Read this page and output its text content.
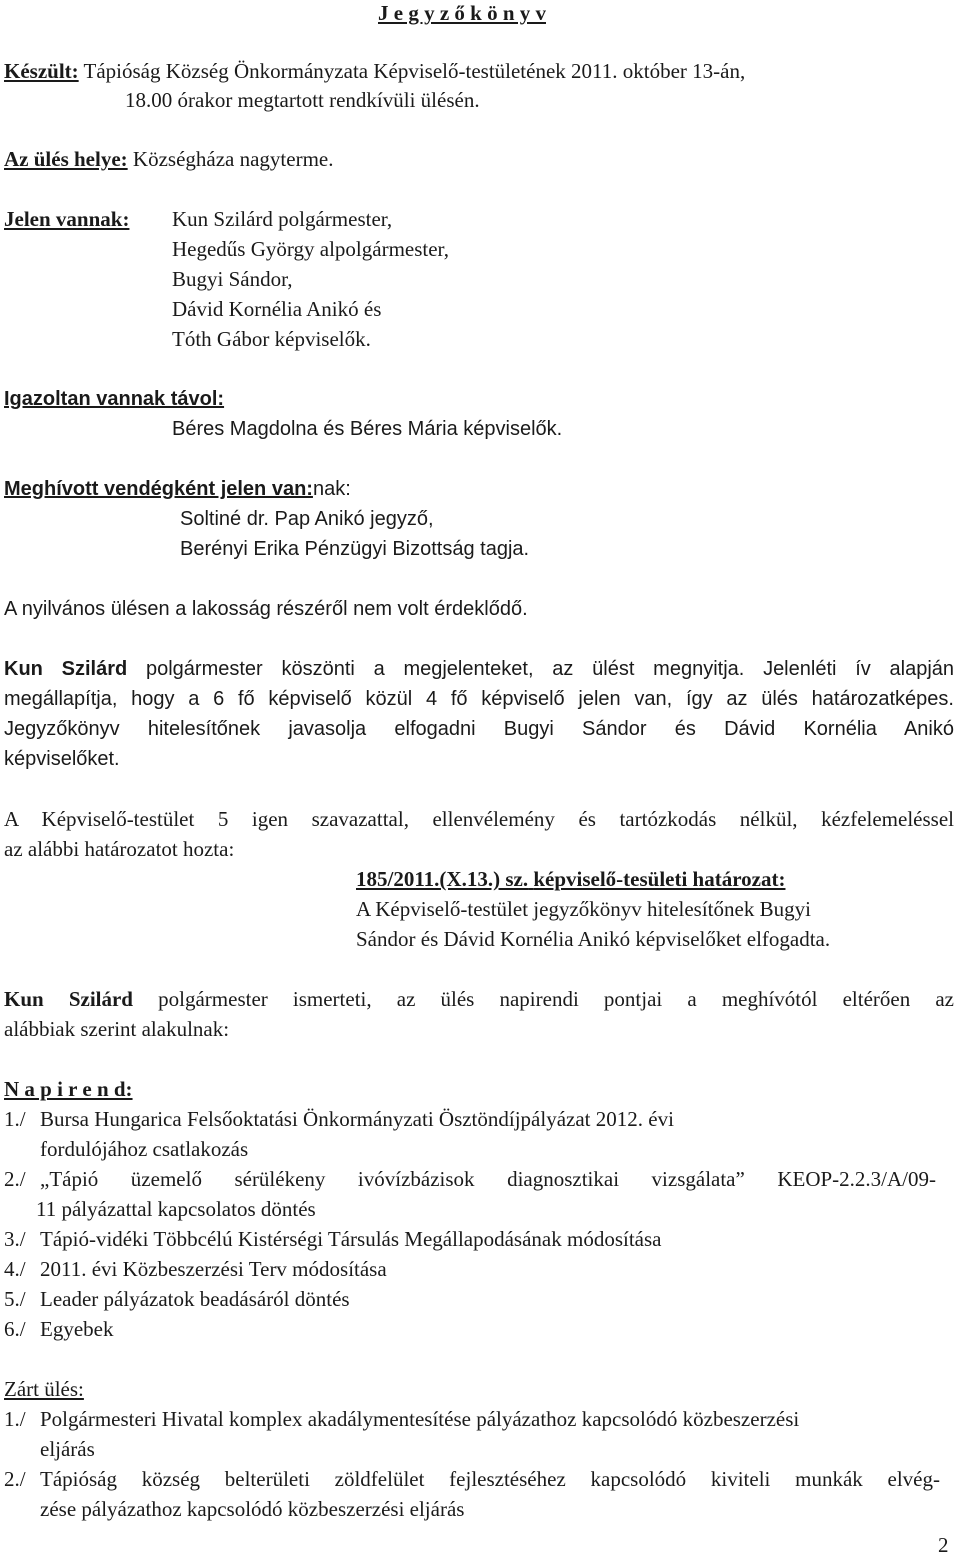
J e g y z ő k ö n y v
Készült: Tápióság Község Önkormányzata Képviselő-testületének 2011. október 13-án,
18.00 órakor megtartott rendkívüli ülésén.
Az ülés helye: Községháza nagyterme.
Jelen vannak: Kun Szilárd polgármester,
Hegedűs György alpolgármester,
Bugyi Sándor,
Dávid Kornélia Anikó és
Tóth Gábor képviselők.
Igazoltan vannak távol:
Béres Magdolna és Béres Mária képviselők.
Meghívott vendégként jelen van:nak:
Soltiné dr. Pap Anikó jegyző,
Berényi Erika Pénzügyi Bizottság tagja.
A nyilvános ülésen a lakosság részéről nem volt érdeklődő.
Kun Szilárd polgármester köszönti a megjelenteket, az ülést megnyitja. Jelenléti ív alapján
megállapítja, hogy a 6 fő képviselő közül 4 fő képviselő jelen van, így az ülés határozatképes.
Jegyzőkönyv hitelesítőnek javasolja elfogadni Bugyi Sándor és Dávid Kornélia Anikó
képviselőket.
A Képviselő-testület 5 igen szavazattal, ellenvélemény és tartózkodás nélkül, kézfelemeléssel
az alábbi határozatot hozta:
185/2011.(X.13.) sz. képviselő-tesületi határozat:
A Képviselő-testület jegyzőkönyv hitelesítőnek Bugyi
Sándor és Dávid Kornélia Anikó képviselőket elfogadta.
Kun Szilárd polgármester ismerteti, az ülés napirendi pontjai a meghívótól eltérően az
alábbiak szerint alakulnak:
N a p i r e n d:
1./ Bursa Hungarica Felsőoktatási Önkormányzati Ösztöndíjpályázat 2012. évi
fordulójához csatlakozás
2./ „Tápió üzemelő sérülékeny ivóvízbázisok diagnosztikai vizsgálata” KEOP-2.2.3/A/09-
11 pályázattal kapcsolatos döntés
3./ Tápió-vidéki Többcélú Kistérségi Társulás Megállapodásának módosítása
4./ 2011. évi Közbeszerzési Terv módosítása
5./ Leader pályázatok beadásáról döntés
6./ Egyebek
Zárt ülés:
1./ Polgármesteri Hivatal komplex akadálymentesítése pályázathoz kapcsolódó közbeszerzési
eljárás
2./ Tápióság község belterületi zöldfelület fejlesztéséhez kapcsolódó kiviteli munkák elvég-
zése pályázathoz kapcsolódó közbeszerzési eljárás
2
